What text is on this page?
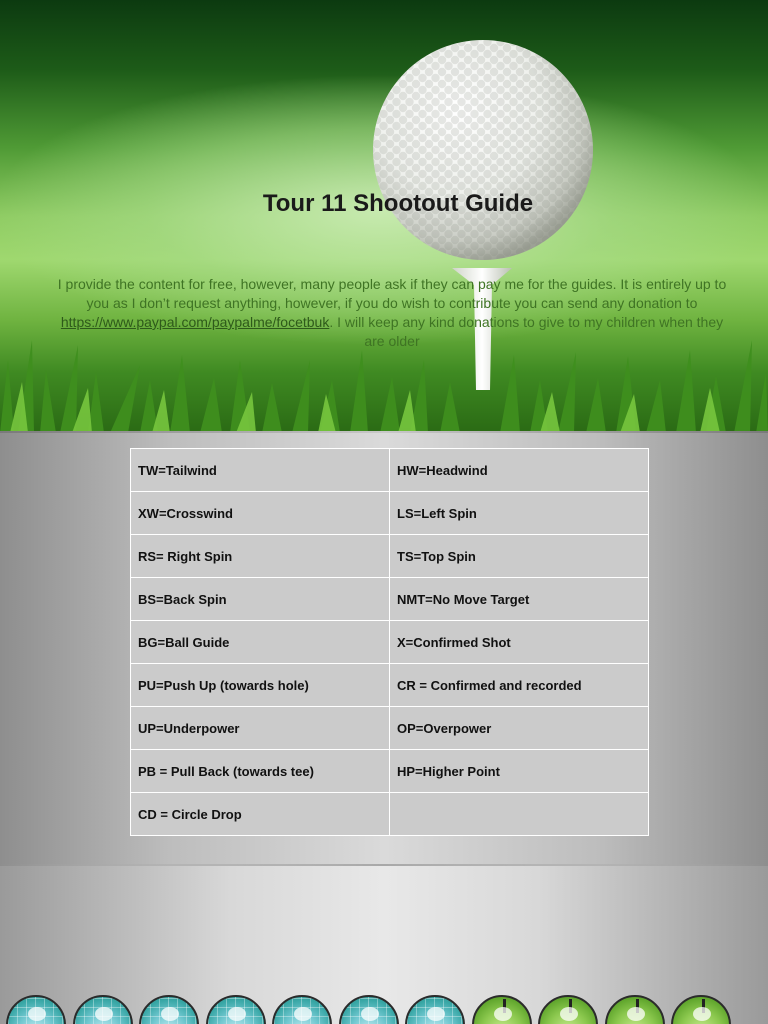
Tour 11 Shootout Guide

I provide the content for free, however, many people ask if they can pay me for the guides. It is entirely up to you as I don’t request anything, however, if you do wish to contribute you can send any donation to https://www.paypal.com/paypalme/focetbuk. I will keep any kind donations to give to my children when they are older

TW=Tailwind	HW=Headwind
XW=Crosswind	LS=Left Spin
RS= Right Spin	TS=Top Spin
BS=Back Spin	NMT=No Move Target
BG=Ball Guide	X=Confirmed Shot
PU=Push Up (towards hole)	CR = Confirmed and recorded
UP=Underpower	OP=Overpower
PB = Pull Back (towards tee)	HP=Higher Point
CD = Circle Drop	
